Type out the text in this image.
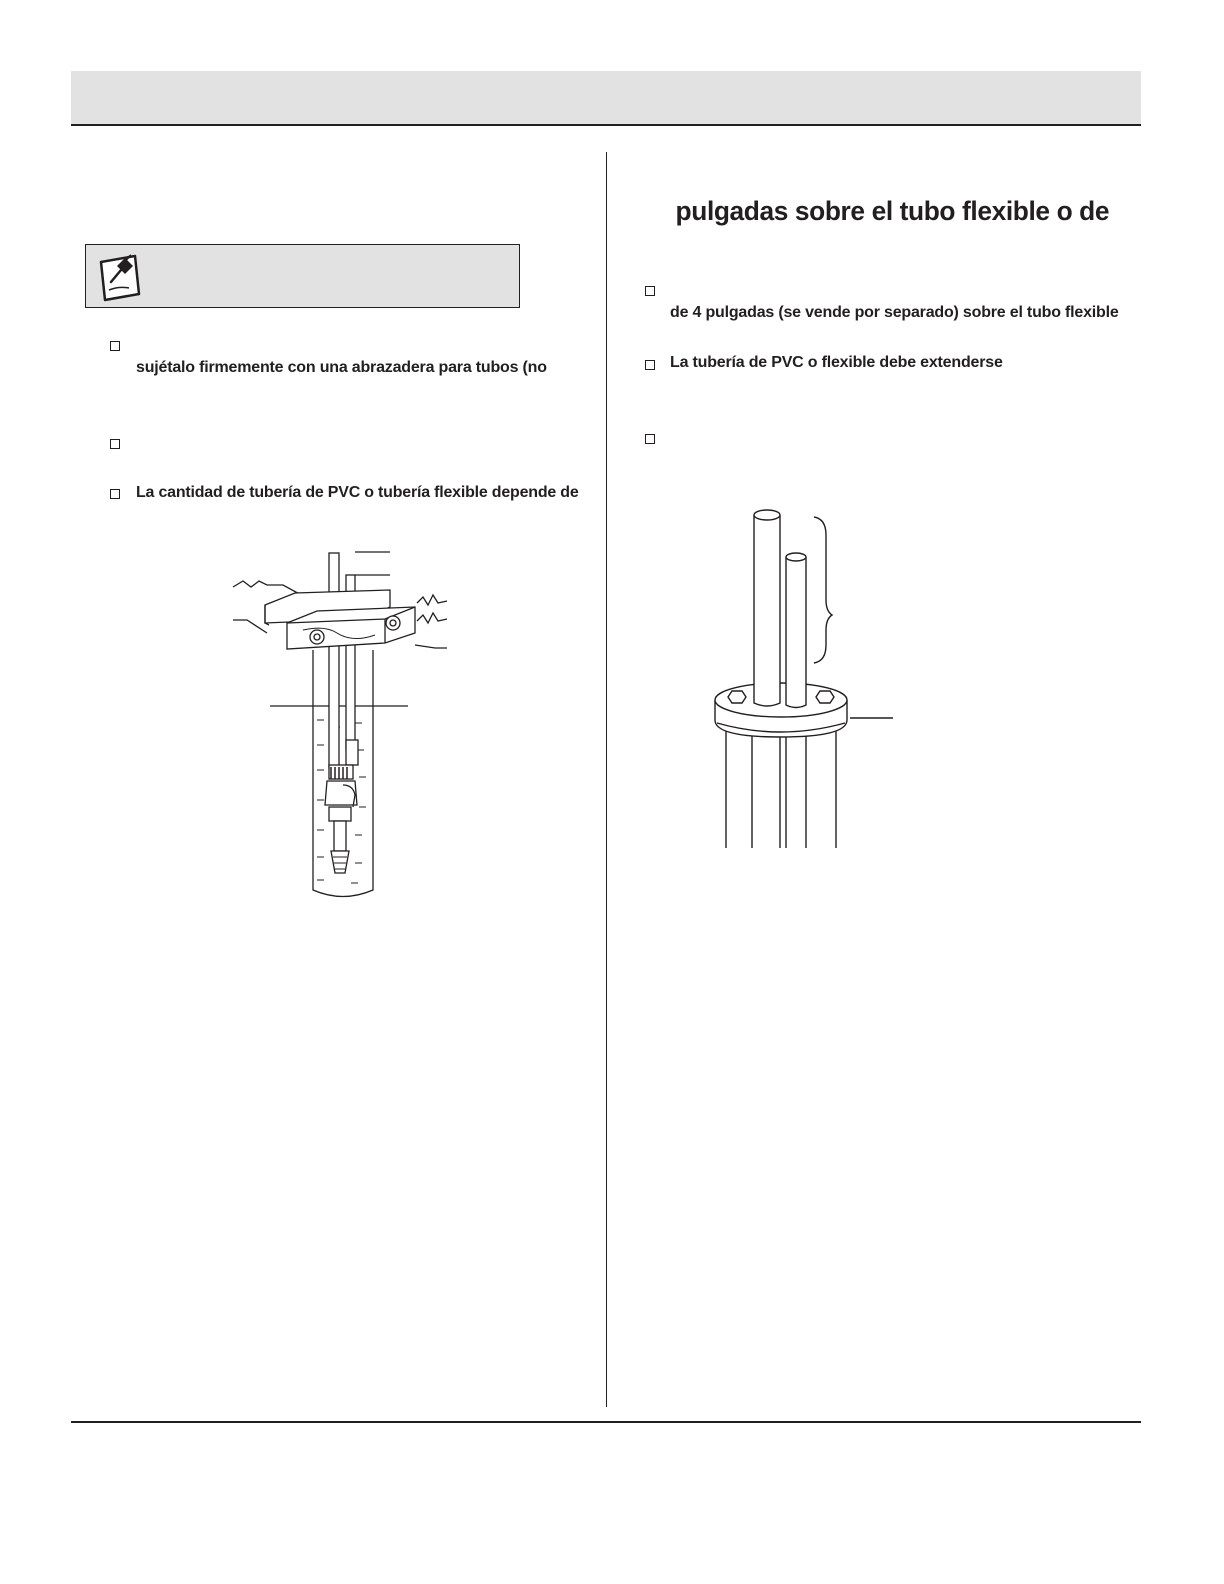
sujétalo firmemente con una abrazadera para tubos (no
La cantidad de tubería de PVC o tubería flexible depende de
pulgadas sobre el tubo flexible o de
de 4 pulgadas (se vende por separado) sobre el tubo flexible
La tubería de PVC o flexible debe extenderse
